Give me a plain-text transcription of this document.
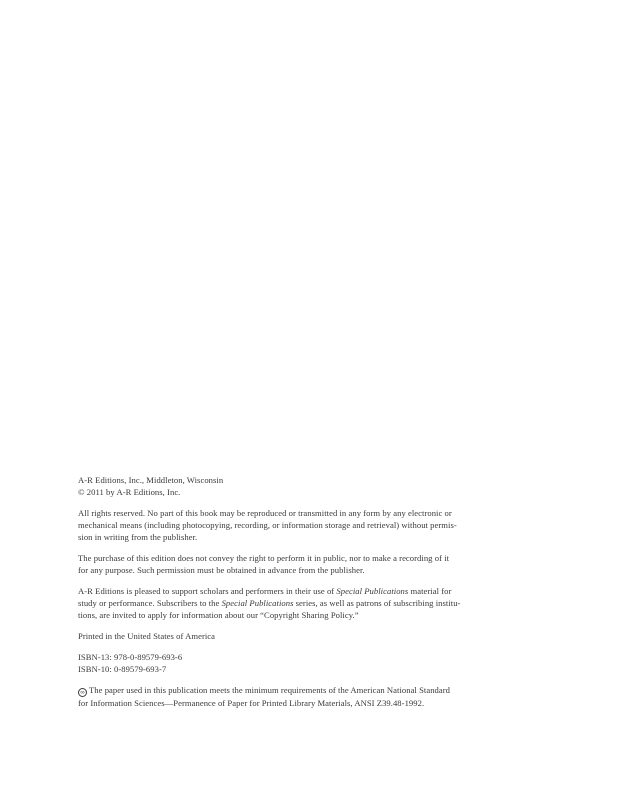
A-R Editions, Inc., Middleton, Wisconsin
© 2011 by A-R Editions, Inc.

All rights reserved. No part of this book may be reproduced or transmitted in any form by any electronic or
mechanical means (including photocopying, recording, or information storage and retrieval) without permis-
sion in writing from the publisher.

The purchase of this edition does not convey the right to perform it in public, nor to make a recording of it
for any purpose. Such permission must be obtained in advance from the publisher.

A-R Editions is pleased to support scholars and performers in their use of Special Publications material for
study or performance. Subscribers to the Special Publications series, as well as patrons of subscribing institu-
tions, are invited to apply for information about our “Copyright Sharing Policy.”

Printed in the United States of America

ISBN-13: 978-0-89579-693-6
ISBN-10: 0-89579-693-7

∞ The paper used in this publication meets the minimum requirements of the American National Standard
for Information Sciences—Permanence of Paper for Printed Library Materials, ANSI Z39.48-1992.
